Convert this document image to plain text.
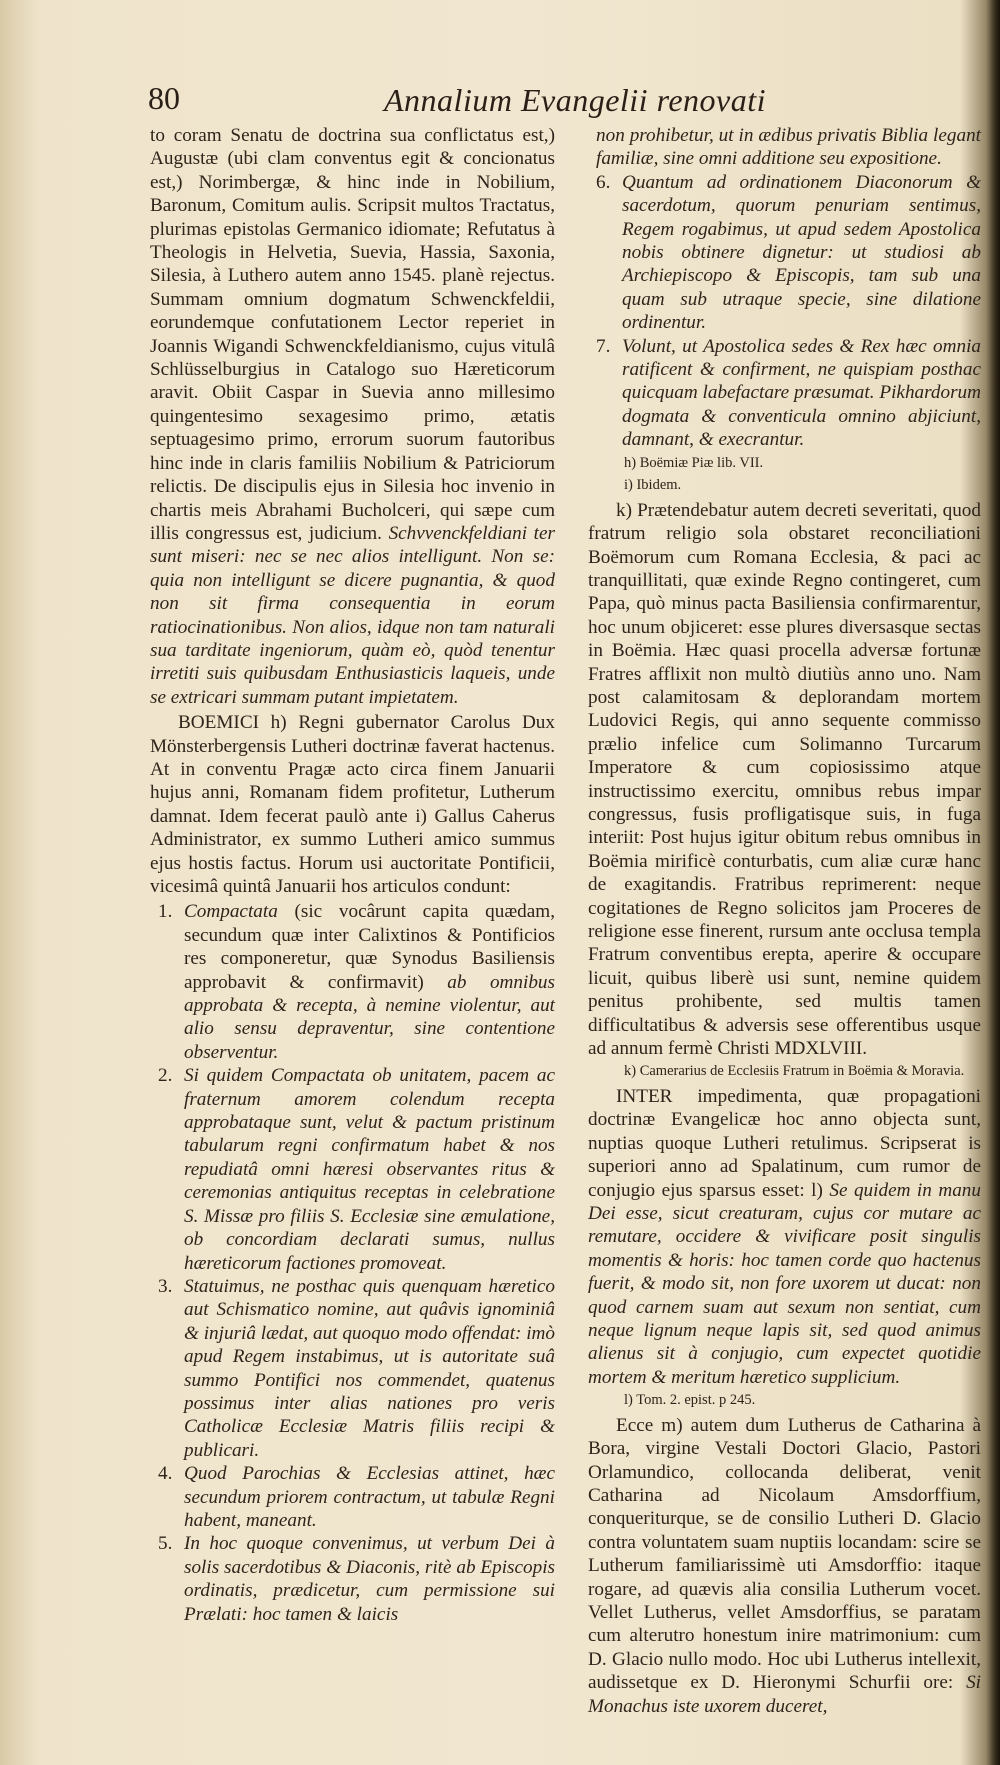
80	Annalium Evangelii renovati

to coram Senatu de doctrina sua conflictatus est,) Augustæ (ubi clam conventus egit & concionatus est,) Norimbergæ, & hinc inde in Nobilium, Baronum, Comitum aulis. Scripsit multos Tractatus, plurimas epistolas Germanico idiomate; Refutatus à Theologis in Helvetia, Suevia, Hassia, Saxonia, Silesia, à Luthero autem anno 1545. planè rejectus. Summam omnium dogmatum Schwenckfeldii, eorundemque confutationem Lector reperiet in Joannis Wigandi Schwenckfeldianismo, cujus vitulâ Schlüsselburgius in Catalogo suo Hæreticorum aravit. Obiit Caspar in Suevia anno millesimo quingentesimo sexagesimo primo, ætatis septuagesimo primo, errorum suorum fautoribus hinc inde in claris familiis Nobilium & Patriciorum relictis. De discipulis ejus in Silesia hoc invenio in chartis meis Abrahami Bucholceri, qui sæpe cum illis congressus est, judicium. Schvvenckfeldiani ter sunt miseri: nec se nec alios intelligunt. Non se: quia non intelligunt se dicere pugnantia, & quod non sit firma consequentia in eorum ratiocinationibus. Non alios, idque non tam naturali sua tarditate ingeniorum, quàm eò, quòd tenentur irretiti suis quibusdam Enthusiasticis laqueis, unde se extricari summam putant impietatem.

BOEMICI h) Regni gubernator Carolus Dux Mönsterbergensis Lutheri doctrinæ faverat hactenus. At in conventu Pragæ acto circa finem Januarii hujus anni, Romanam fidem profitetur, Lutherum damnat. Idem fecerat paulò ante i) Gallus Caherus Administrator, ex summo Lutheri amico summus ejus hostis factus. Horum usi auctoritate Pontificii, vicesimâ quintâ Januarii hos articulos condunt:

1. Compactata (sic vocârunt capita quædam, secundum quæ inter Calixtinos & Pontificios res componeretur, quæ Synodus Basiliensis approbavit & confirmavit) ab omnibus approbata & recepta, à nemine violentur, aut alio sensu depraventur, sine contentione observentur.

2. Si quidem Compactata ob unitatem, pacem ac fraternum amorem colendum recepta approbataque sunt, velut & pactum pristinum tabularum regni confirmatum habet & nos repudiatâ omni hæresi observantes ritus & ceremonias antiquitus receptas in celebratione S. Missæ pro filiis S. Ecclesiæ sine æmulatione, ob concordiam declarati sumus, nullus hæreticorum factiones promoveat.

3. Statuimus, ne posthac quis quenquam hæretico aut Schismatico nomine, aut quâvis ignominiâ & injuriâ lædat, aut quoquo modo offendat: imò apud Regem instabimus, ut is autoritate suâ summo Pontifici nos commendet, quatenus possimus inter alias nationes pro veris Catholicæ Ecclesiæ Matris filiis recipi & publicari.

4. Quod Parochias & Ecclesias attinet, hæc secundum priorem contractum, ut tabulæ Regni habent, maneant.

5. In hoc quoque convenimus, ut verbum Dei à solis sacerdotibus & Diaconis, ritè ab Episcopis ordinatis, prædicetur, cum permissione sui Prælati: hoc tamen & laicis

non prohibetur, ut in ædibus privatis Biblia legant familiæ, sine omni additione seu expositione.

6. Quantum ad ordinationem Diaconorum & sacerdotum, quorum penuriam sentimus, Regem rogabimus, ut apud sedem Apostolica nobis obtinere dignetur: ut studiosi ab Archiepiscopo & Episcopis, tam sub una quam sub utraque specie, sine dilatione ordinentur.

7. Volunt, ut Apostolica sedes & Rex hæc omnia ratificent & confirment, ne quispiam posthac quicquam labefactare præsumat. Pikhardorum dogmata & conventicula omnino abjiciunt, damnant, & execrantur.

h) Boëmiæ Piæ lib. VII.

i) Ibidem.

k) Prætendebatur autem decreti severitati, quod fratrum religio sola obstaret reconciliationi Boëmorum cum Romana Ecclesia, & paci ac tranquillitati, quæ exinde Regno contingeret, cum Papa, quò minus pacta Basiliensia confirmarentur, hoc unum objiceret: esse plures diversasque sectas in Boëmia. Hæc quasi procella adversæ fortunæ Fratres afflixit non multò diutiùs anno uno. Nam post calamitosam & deplorandam mortem Ludovici Regis, qui anno sequente commisso prælio infelice cum Solimanno Turcarum Imperatore & cum copiosissimo atque instructissimo exercitu, omnibus rebus impar congressus, fusis profligatisque suis, in fuga interiit: Post hujus igitur obitum rebus omnibus in Boëmia mirificè conturbatis, cum aliæ curæ hanc de exagitandis. Fratribus reprimerent: neque cogitationes de Regno solicitos jam Proceres de religione esse finerent, rursum ante occlusa templa Fratrum conventibus erepta, aperire & occupare licuit, quibus liberè usi sunt, nemine quidem penitus prohibente, sed multis tamen difficultatibus & adversis sese offerentibus usque ad annum fermè Christi MDXLVIII.

k) Camerarius de Ecclesiis Fratrum in Boëmia & Moravia.

INTER impedimenta, quæ propagationi doctrinæ Evangelicæ hoc anno objecta sunt, nuptias quoque Lutheri retulimus. Scripserat is superiori anno ad Spalatinum, cum rumor de conjugio ejus sparsus esset: l) Se quidem in manu Dei esse, sicut creaturam, cujus cor mutare ac remutare, occidere & vivificare posit singulis momentis & horis: hoc tamen corde quo hactenus fuerit, & modo sit, non fore uxorem ut ducat: non quod carnem suam aut sexum non sentiat, cum neque lignum neque lapis sit, sed quod animus alienus sit à conjugio, cum expectet quotidie mortem & meritum hæretico supplicium.

l) Tom. 2. epist. p 245.

Ecce m) autem dum Lutherus de Catharina à Bora, virgine Vestali Doctori Glacio, Pastori Orlamundico, collocanda deliberat, venit Catharina ad Nicolaum Amsdorffium, conqueriturque, se de consilio Lutheri D. Glacio contra voluntatem suam nuptiis locandam: scire se Lutherum familiarissimè uti Amsdorffio: itaque rogare, ad quævis alia consilia Lutherum vocet. Vellet Lutherus, vellet Amsdorffius, se paratam cum alterutro honestum inire matrimonium: cum D. Glacio nullo modo. Hoc ubi Lutherus intellexit, audissetque ex D. Hieronymi Schurfii ore: Si Monachus iste uxorem duceret,
